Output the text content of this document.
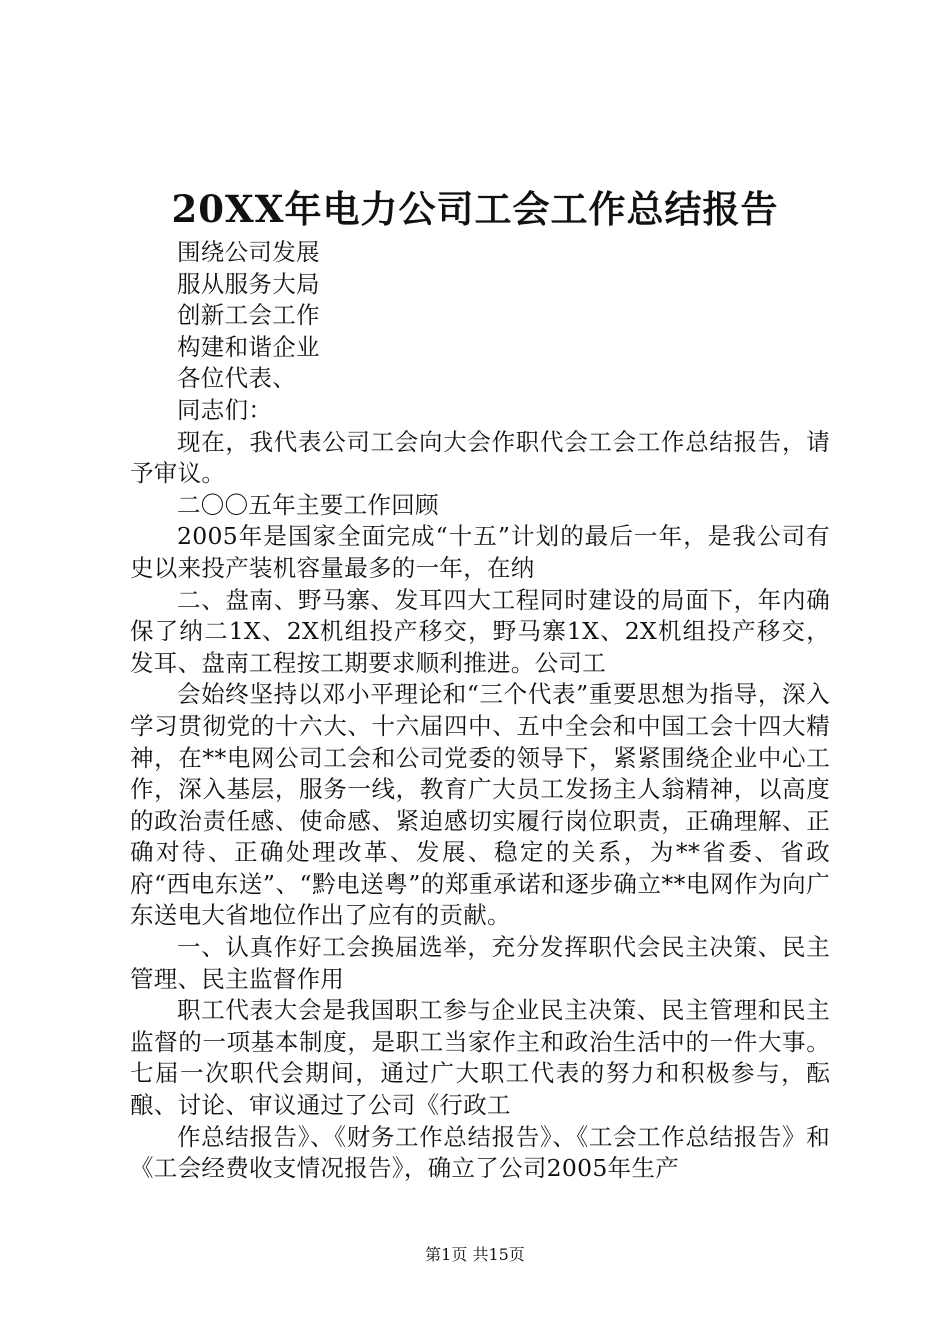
20XX年电力公司工会工作总结报告

围绕公司发展

服从服务大局

创新工会工作

构建和谐企业

各位代表、

同志们：

现在，我代表公司工会向大会作职代会工会工作总结报告，请予审议。

二〇〇五年主要工作回顾

2005年是国家全面完成“十五”计划的最后一年，是我公司有史以来投产装机容量最多的一年，在纳

二、盘南、野马寨、发耳四大工程同时建设的局面下，年内确保了纳二1X、2X机组投产移交，野马寨1X、2X机组投产移交，发耳、盘南工程按工期要求顺利推进。公司工

会始终坚持以邓小平理论和“三个代表”重要思想为指导，深入学习贯彻党的十六大、十六届四中、五中全会和中国工会十四大精神，在**电网公司工会和公司党委的领导下，紧紧围绕企业中心工作，深入基层，服务一线，教育广大员工发扬主人翁精神，以高度的政治责任感、使命感、紧迫感切实履行岗位职责，正确理解、正确对待、正确处理改革、发展、稳定的关系，为**省委、省政府“西电东送”、“黔电送粤”的郑重承诺和逐步确立**电网作为向广东送电大省地位作出了应有的贡献。

一、认真作好工会换届选举，充分发挥职代会民主决策、民主管理、民主监督作用

职工代表大会是我国职工参与企业民主决策、民主管理和民主监督的一项基本制度，是职工当家作主和政治生活中的一件大事。七届一次职代会期间，通过广大职工代表的努力和积极参与，酝酿、讨论、审议通过了公司《行政工

作总结报告》、《财务工作总结报告》、《工会工作总结报告》和《工会经费收支情况报告》，确立了公司2005年生产

第1页 共15页
